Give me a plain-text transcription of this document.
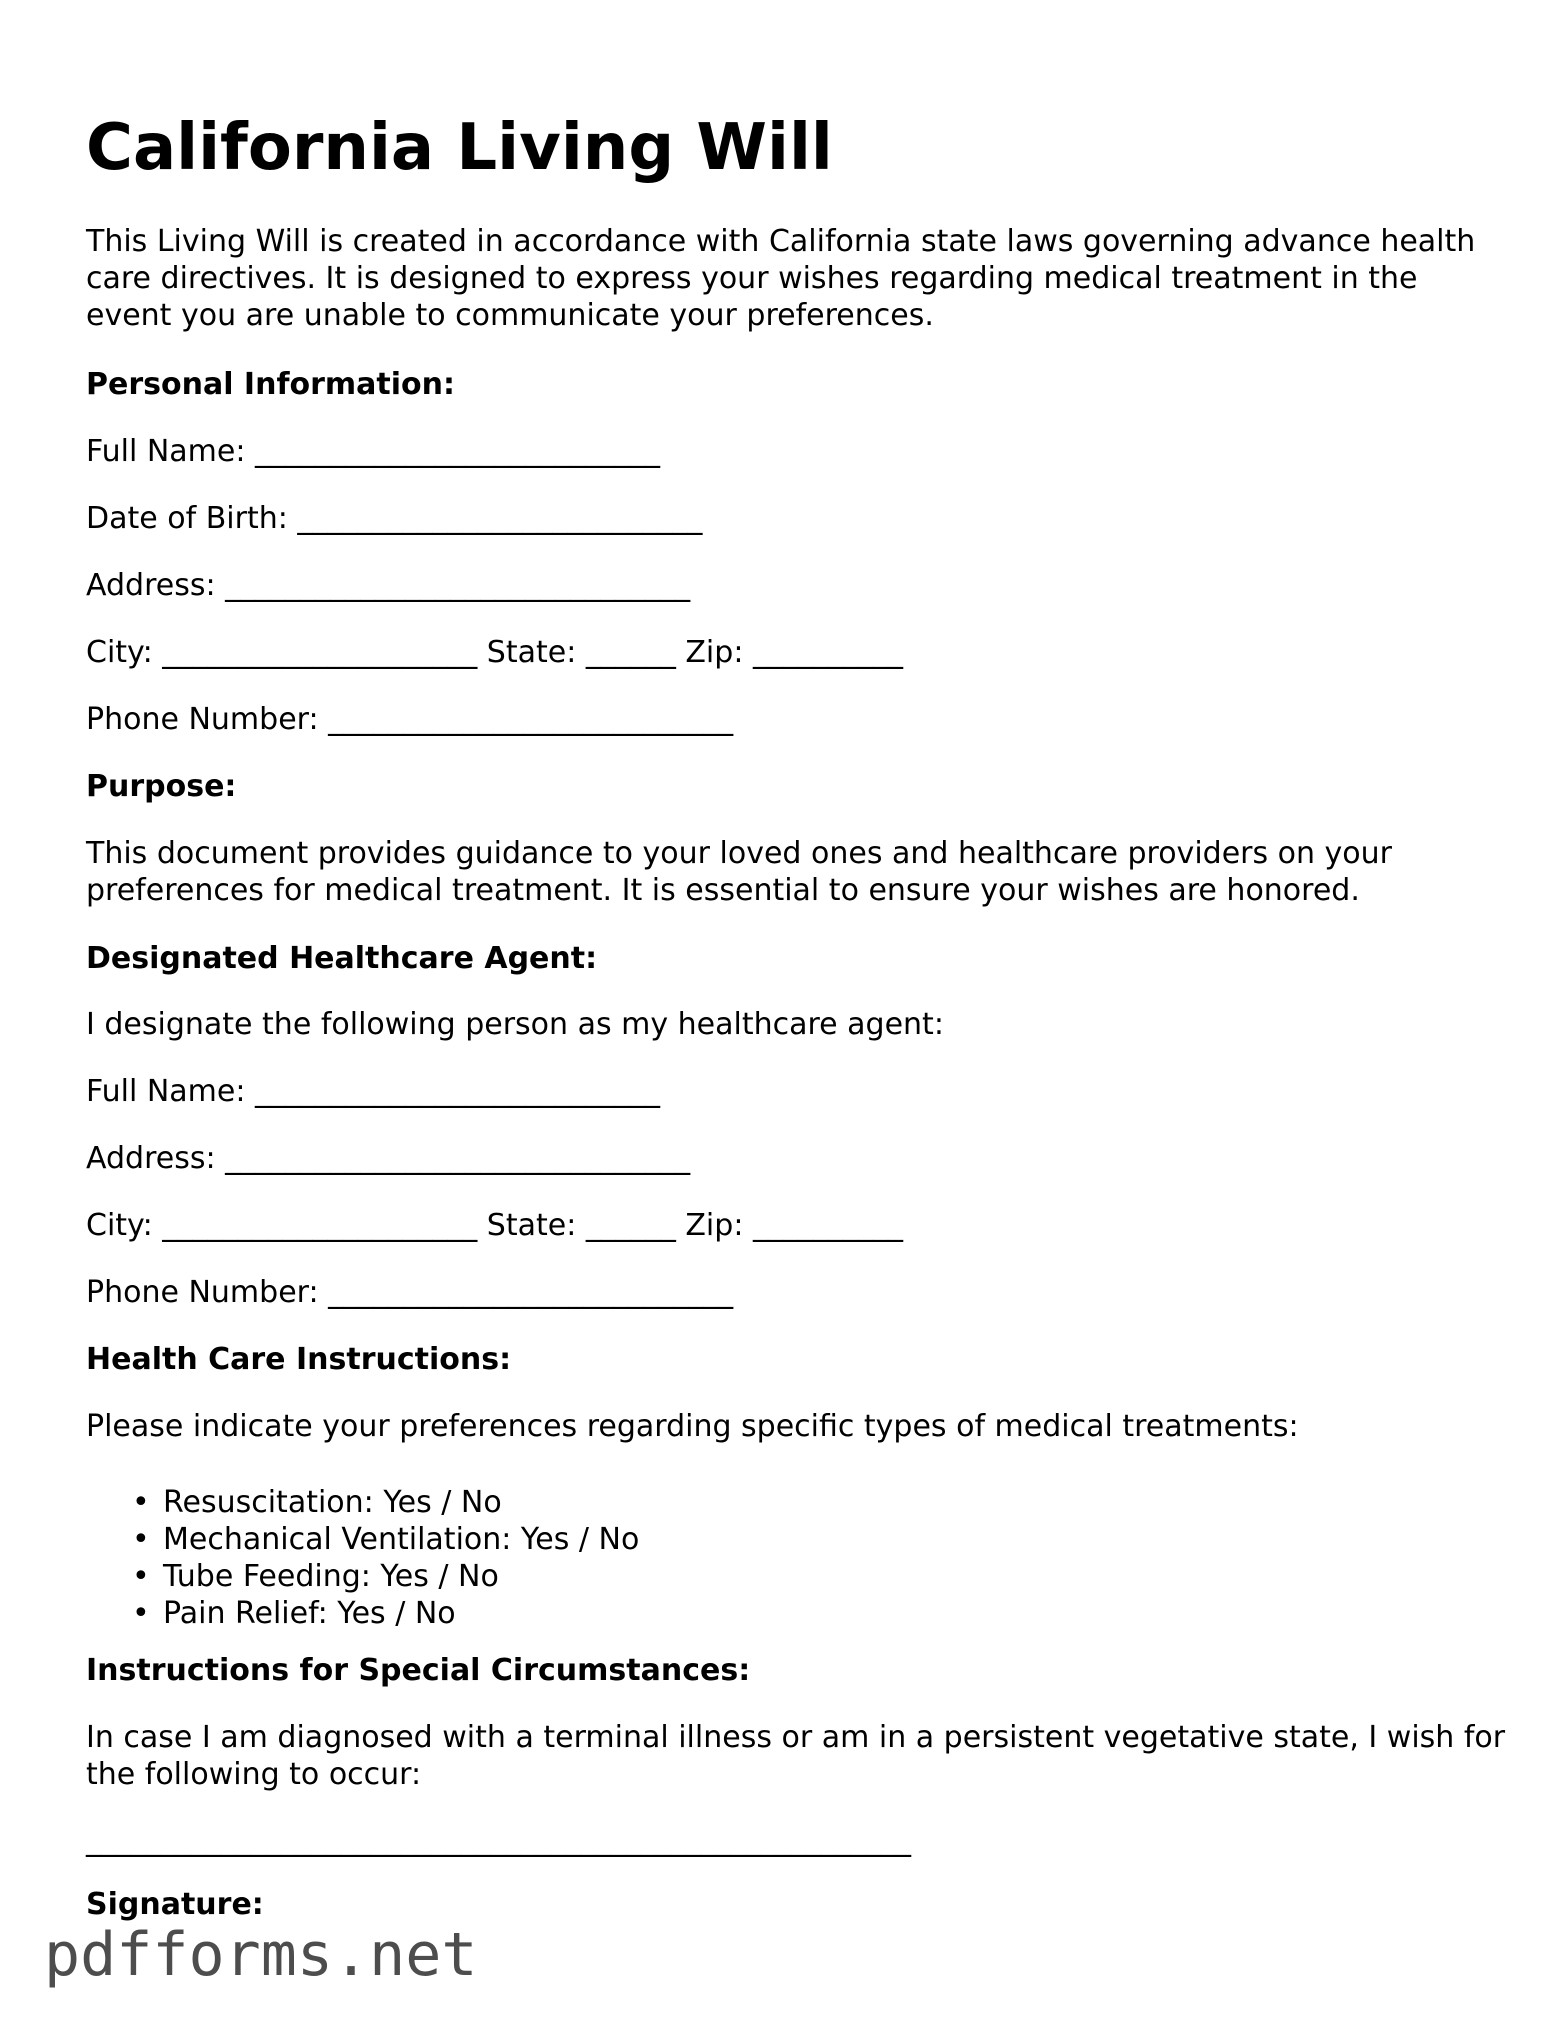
California Living Will

This Living Will is created in accordance with California state laws governing advance health care directives. It is designed to express your wishes regarding medical treatment in the event you are unable to communicate your preferences.

Personal Information:

Full Name: ___________________________

Date of Birth: ___________________________

Address: _______________________________

City: _____________________ State: ______ Zip: __________

Phone Number: ___________________________

Purpose:

This document provides guidance to your loved ones and healthcare providers on your preferences for medical treatment. It is essential to ensure your wishes are honored.

Designated Healthcare Agent:

I designate the following person as my healthcare agent:

Full Name: ___________________________

Address: _______________________________

City: _____________________ State: ______ Zip: __________

Phone Number: ___________________________

Health Care Instructions:

Please indicate your preferences regarding specific types of medical treatments:

• Resuscitation: Yes / No
• Mechanical Ventilation: Yes / No
• Tube Feeding: Yes / No
• Pain Relief: Yes / No

Instructions for Special Circumstances:

In case I am diagnosed with a terminal illness or am in a persistent vegetative state, I wish for the following to occur:

_______________________________________________________

Signature:

pdfforms.net
